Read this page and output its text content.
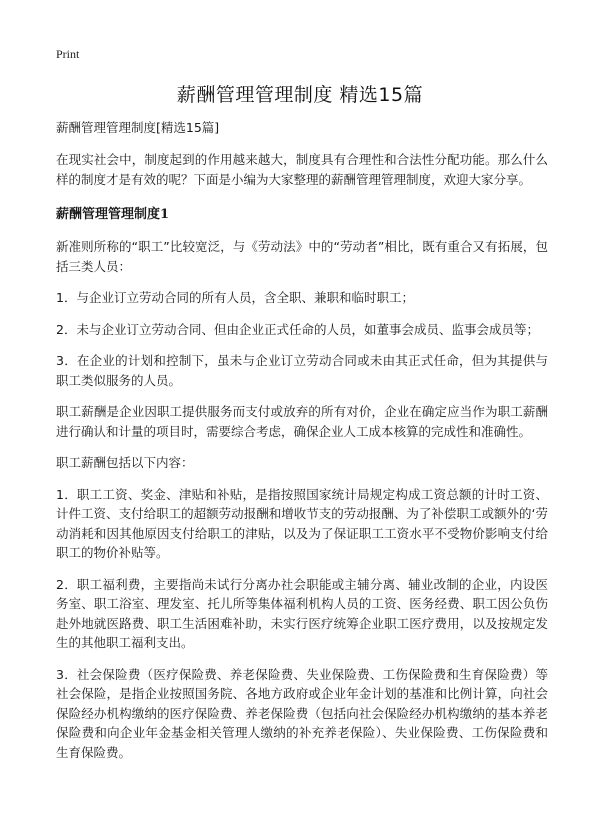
Print
薪酬管理管理制度 精选15篇

薪酬管理管理制度[精选15篇]

在现实社会中，制度起到的作用越来越大，制度具有合理性和合法性分配功能。那么什么样的制度才是有效的呢？下面是小编为大家整理的薪酬管理管理制度，欢迎大家分享。

薪酬管理管理制度1

新准则所称的“职工”比较宽泛，与《劳动法》中的“劳动者”相比，既有重合又有拓展，包括三类人员：

1．与企业订立劳动合同的所有人员，含全职、兼职和临时职工；

2．未与企业订立劳动合同、但由企业正式任命的人员，如董事会成员、监事会成员等；

3．在企业的计划和控制下，虽未与企业订立劳动合同或未由其正式任命，但为其提供与职工类似服务的人员。

职工薪酬是企业因职工提供服务而支付或放弃的所有对价，企业在确定应当作为职工薪酬进行确认和计量的项目时，需要综合考虑，确保企业人工成本核算的完成性和准确性。

职工薪酬包括以下内容：

1．职工工资、奖金、津贴和补贴，是指按照国家统计局规定构成工资总额的计时工资、计件工资、支付给职工的超额劳动报酬和增收节支的劳动报酬、为了补偿职工或额外的‘劳动消耗和因其他原因支付给职工的津贴，以及为了保证职工工资水平不受物价影响支付给职工的物价补贴等。

2．职工福利费，主要指尚未试行分离办社会职能或主辅分离、辅业改制的企业，内设医务室、职工浴室、理发室、托儿所等集体福利机构人员的工资、医务经费、职工因公负伤赴外地就医路费、职工生活困难补助，未实行医疗统筹企业职工医疗费用，以及按规定发生的其他职工福利支出。

3．社会保险费（医疗保险费、养老保险费、失业保险费、工伤保险费和生育保险费）等社会保险，是指企业按照国务院、各地方政府或企业年金计划的基准和比例计算，向社会保险经办机构缴纳的医疗保险费、养老保险费（包括向社会保险经办机构缴纳的基本养老保险费和向企业年金基金相关管理人缴纳的补充养老保险）、失业保险费、工伤保险费和生育保险费。
